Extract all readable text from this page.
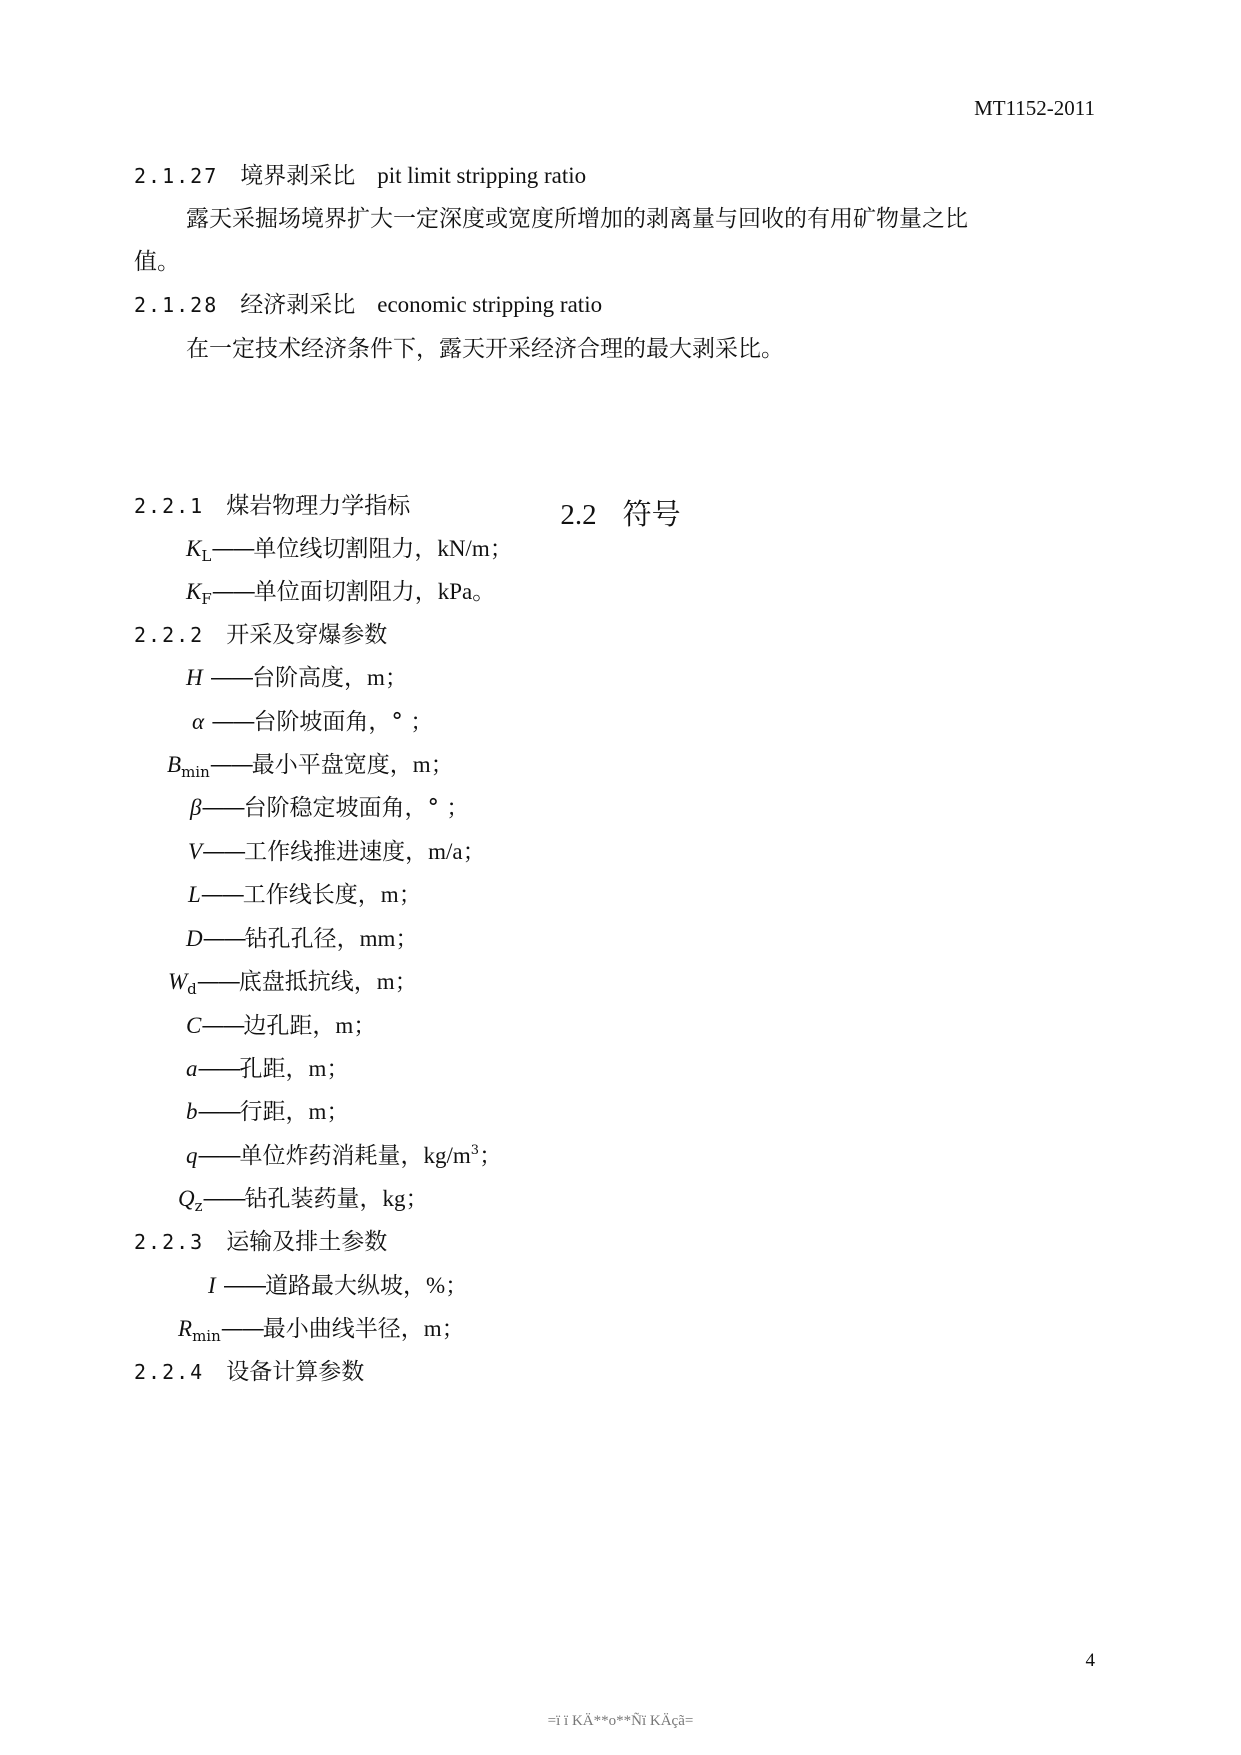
MT1152-2011
2.1.27 境界剥采比 pit limit stripping ratio
露天采掘场境界扩大一定深度或宽度所增加的剥离量与回收的有用矿物量之比
值。
2.1.28 经济剥采比 economic stripping ratio
在一定技术经济条件下，露天开采经济合理的最大剥采比。
2.2 符号
2.2.1 煤岩物理力学指标
$K_L——$单位线切割阻力，kN/m；
$K_F——$单位面切割阻力，kPa。
2.2.2 开采及穿爆参数
H ——台阶高度，m；
α ——台阶坡面角，° ；
$B_{min}——$最小平盘宽度，m；
β——台阶稳定坡面角，° ；
V——工作线推进速度，m/a；
L——工作线长度，m；
D——钻孔孔径，mm；
$W_d——$底盘抵抗线，m；
C——边孔距，m；
a——孔距，m；
b——行距，m；
q——单位炸药消耗量，$kg/m^3$；
$Q_z——$钻孔装药量，kg；
2.2.3 运输及排土参数
I ——道路最大纵坡，%；
$R_{min}——$最小曲线半径，m；
2.2.4 设备计算参数
4
=ï ï KÄ**o**Ñï KÄçã=
